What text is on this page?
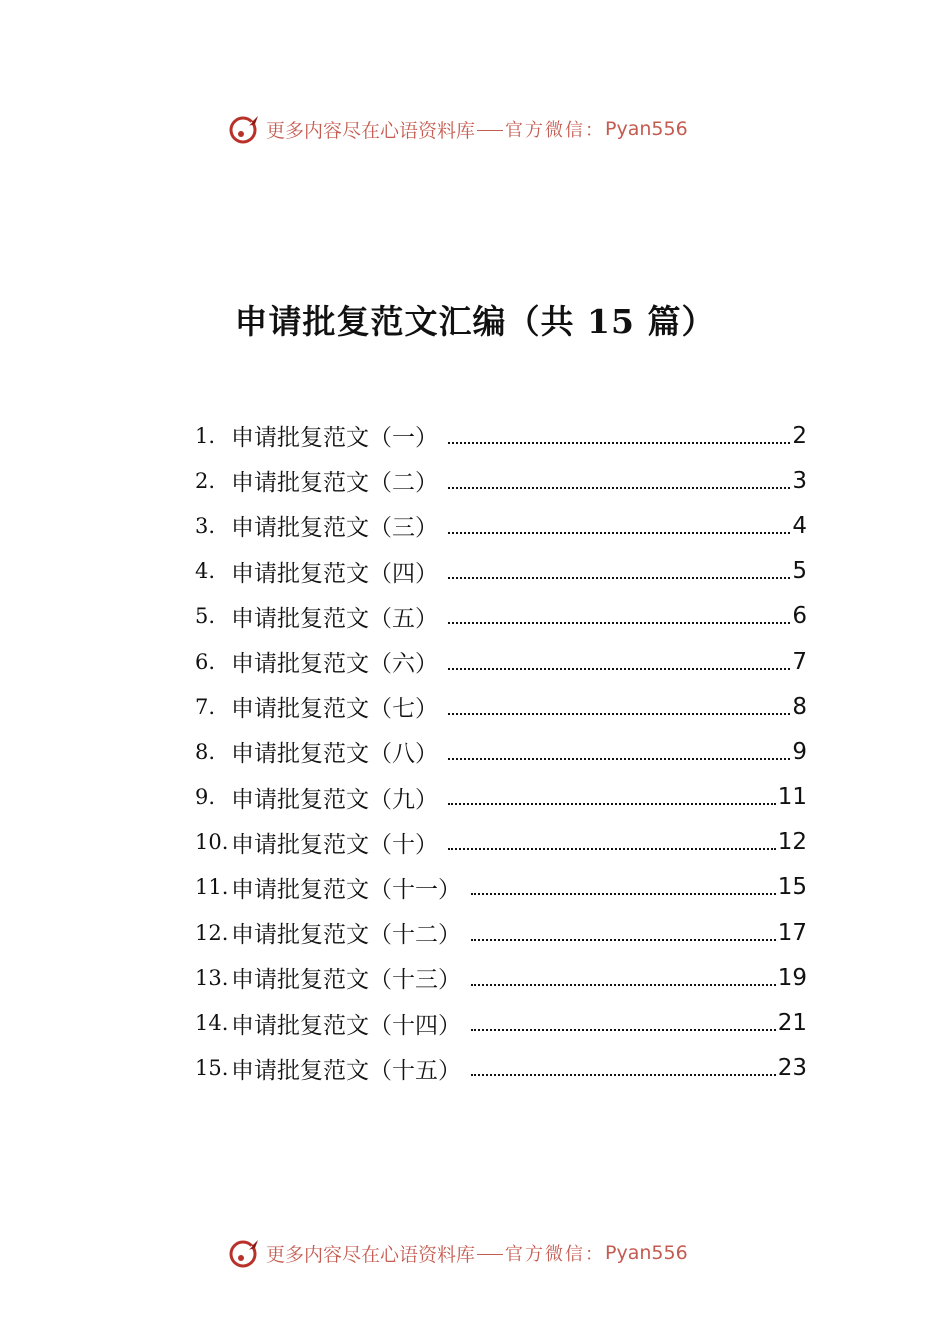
更多内容尽在心语资料库 官方微信： Pyan556
申请批复范文汇编（共 15 篇）
1. 申请批复范文（一）	2
2. 申请批复范文（二）	3
3. 申请批复范文（三）	4
4. 申请批复范文（四）	5
5. 申请批复范文（五）	6
6. 申请批复范文（六）	7
7. 申请批复范文（七）	8
8. 申请批复范文（八）	9
9. 申请批复范文（九）	11
10. 申请批复范文（十）	12
11. 申请批复范文（十一）	15
12. 申请批复范文（十二）	17
13. 申请批复范文（十三）	19
14. 申请批复范文（十四）	21
15. 申请批复范文（十五）	23
更多内容尽在心语资料库 官方微信： Pyan556
